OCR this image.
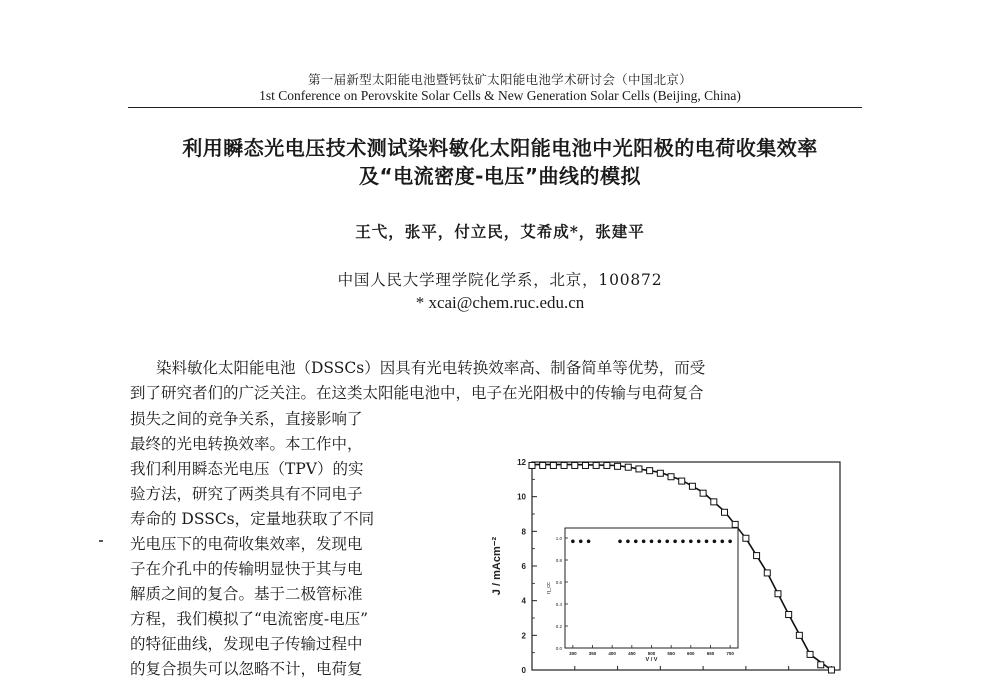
第一届新型太阳能电池暨钙钛矿太阳能电池学术研讨会（中国北京）
1st Conference on Perovskite Solar Cells & New Generation Solar Cells (Beijing, China)
利用瞬态光电压技术测试染料敏化太阳能电池中光阳极的电荷收集效率
及“电流密度-电压”曲线的模拟
王弋，张平，付立民，艾希成*，张建平
中国人民大学理学院化学系，北京，100872
* xcai@chem.ruc.edu.cn
染料敏化太阳能电池（DSSCs）因具有光电转换效率高、制备简单等优势，而受
到了研究者们的广泛关注。在这类太阳能电池中，电子在光阳极中的传输与电荷复合
损失之间的竞争关系，直接影响了
最终的光电转换效率。本工作中，
我们利用瞬态光电压（TPV）的实
验方法，研究了两类具有不同电子
寿命的 DSSCs，定量地获取了不同
光电压下的电荷收集效率，发现电
子在介孔中的传输明显快于其与电
解质之间的复合。基于二极管标准
方程，我们模拟了“电流密度-电压”
的特征曲线，发现电子传输过程中
的复合损失可以忽略不计，电荷复	0
2
4
6
8
10
12
J / mAcm⁻²
0.0
0.2
0.4
0.6
0.8
1.0
300	350	400	450	500	550	600	650	700
V / V
η_cc
